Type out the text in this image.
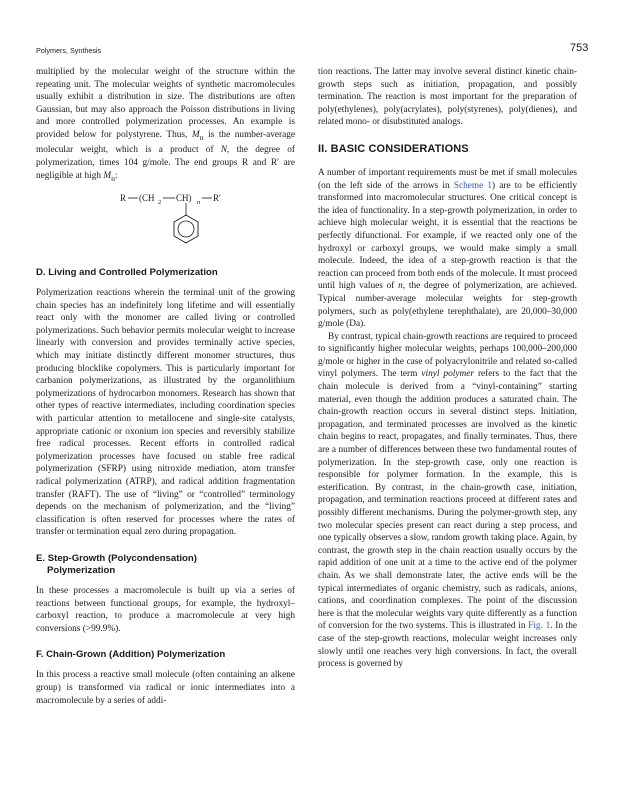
Polymers, Synthesis	753

multiplied by the molecular weight of the structure within the repeating unit. The molecular weights of synthetic macromolecules usually exhibit a distribution in size. The distributions are often Gaussian, but may also approach the Poisson distributions in living and more controlled polymerization processes. An example is provided below for polystyrene. Thus, $M_n$ is the number-average molecular weight, which is a product of N, the degree of polymerization, times 104 g/mole. The end groups R and R′ are negligible at high $M_n$:

R (CH 2 CH) n R′
D. Living and Controlled Polymerization

Polymerization reactions wherein the terminal unit of the growing chain species has an indefinitely long lifetime and will essentially react only with the monomer are called living or controlled polymerizations. Such behavior permits molecular weight to increase linearly with conversion and provides terminally active species, which may initiate distinctly different monomer structures, thus producing blocklike copolymers. This is particularly important for carbanion polymerizations, as illustrated by the organolithium polymerizations of hydrocarbon monomers. Research has shown that other types of reactive intermediates, including coordination species with particular attention to metallocene and single-site catalysts, appropriate cationic or oxonium ion species and reversibly stabilize free radical processes. Recent efforts in controlled radical polymerization processes have focused on stable free radical polymerization (SFRP) using nitroxide mediation, atom transfer radical polymerization (ATRP), and radical addition fragmentation transfer (RAFT). The use of “living” or “controlled” terminology depends on the mechanism of polymerization, and the “living” classification is often reserved for processes where the rates of transfer or termination equal zero during propagation.

E. Step-Growth (Polycondensation)
Polymerization

In these processes a macromolecule is built up via a series of reactions between functional groups, for example, the hydroxyl–carboxyl reaction, to produce a macromolecule at very high conversions (>99.9%).

F. Chain-Grown (Addition) Polymerization

In this process a reactive small molecule (often containing an alkene group) is transformed via radical or ionic intermediates into a macromolecule by a series of addi-

tion reactions. The latter may involve several distinct kinetic chain-growth steps such as initiation, propagation, and possibly termination. The reaction is most important for the preparation of poly(ethylenes), poly(acrylates), poly(styrenes), poly(dienes), and related mono- or disubstituted analogs.

II. BASIC CONSIDERATIONS

A number of important requirements must be met if small molecules (on the left side of the arrows in Scheme 1) are to be efficiently transformed into macromolecular structures. One critical concept is the idea of functionality. In a step-growth polymerization, in order to achieve high molecular weight, it is essential that the reactions be perfectly difunctional. For example, if we reacted only one of the hydroxyl or carboxyl groups, we would make simply a small molecule. Indeed, the idea of a step-growth reaction is that the reaction can proceed from both ends of the molecule. It must proceed until high values of n, the degree of polymerization, are achieved. Typical number-average molecular weights for step-growth polymers, such as poly(ethylene terephthalate), are 20,000–30,000 g/mole (Da).

By contrast, typical chain-growth reactions are required to proceed to significantly higher molecular weights, perhaps 100,000–200,000 g/mole or higher in the case of polyacrylonitrile and related so-called vinyl polymers. The term vinyl polymer refers to the fact that the chain molecule is derived from a “vinyl-containing” starting material, even though the addition produces a saturated chain. The chain-growth reaction occurs in several distinct steps. Initiation, propagation, and terminated processes are involved as the kinetic chain begins to react, propagates, and finally terminates. Thus, there are a number of differences between these two fundamental routes of polymerization. In the step-growth case, only one reaction is responsible for polymer formation. In the example, this is esterification. By contrast, in the chain-growth case, initiation, propagation, and termination reactions proceed at different rates and possibly different mechanisms. During the polymer-growth step, any two molecular species present can react during a step process, and one typically observes a slow, random growth taking place. Again, by contrast, the growth step in the chain reaction usually occurs by the rapid addition of one unit at a time to the active end of the polymer chain. As we shall demonstrate later, the active ends will be the typical intermediates of organic chemistry, such as radicals, anions, cations, and coordination complexes. The point of the discussion here is that the molecular weights vary quite differently as a function of conversion for the two systems. This is illustrated in Fig. 1. In the case of the step-growth reactions, molecular weight increases only slowly until one reaches very high conversions. In fact, the overall process is governed by
